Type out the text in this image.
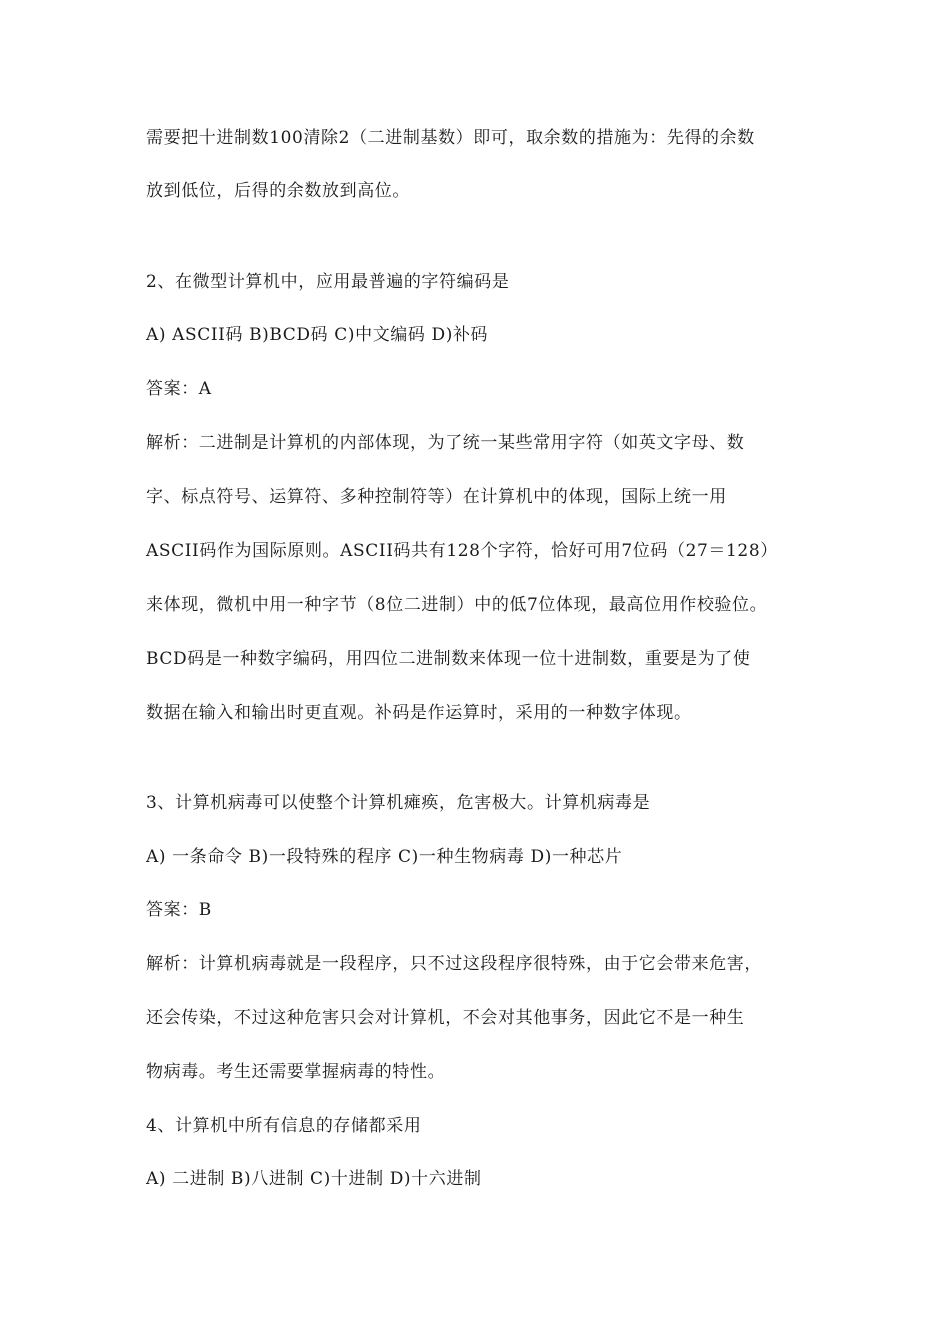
需要把十进制数100清除2（二进制基数）即可，取余数的措施为：先得的余数
放到低位，后得的余数放到高位。
2、在微型计算机中，应用最普遍的字符编码是
A) ASCII码 B)BCD码 C)中文编码 D)补码
答案：A
解析：二进制是计算机的内部体现，为了统一某些常用字符（如英文字母、数
字、标点符号、运算符、多种控制符等）在计算机中的体现，国际上统一用
ASCII码作为国际原则。ASCII码共有128个字符，恰好可用7位码（27＝128）
来体现，微机中用一种字节（8位二进制）中的低7位体现，最高位用作校验位。
BCD码是一种数字编码，用四位二进制数来体现一位十进制数，重要是为了使
数据在输入和输出时更直观。补码是作运算时，采用的一种数字体现。
3、计算机病毒可以使整个计算机瘫痪，危害极大。计算机病毒是
A) 一条命令 B)一段特殊的程序 C)一种生物病毒 D)一种芯片
答案：B
解析：计算机病毒就是一段程序，只不过这段程序很特殊，由于它会带来危害，
还会传染，不过这种危害只会对计算机，不会对其他事务，因此它不是一种生
物病毒。考生还需要掌握病毒的特性。
4、计算机中所有信息的存储都采用
A) 二进制 B)八进制 C)十进制 D)十六进制
